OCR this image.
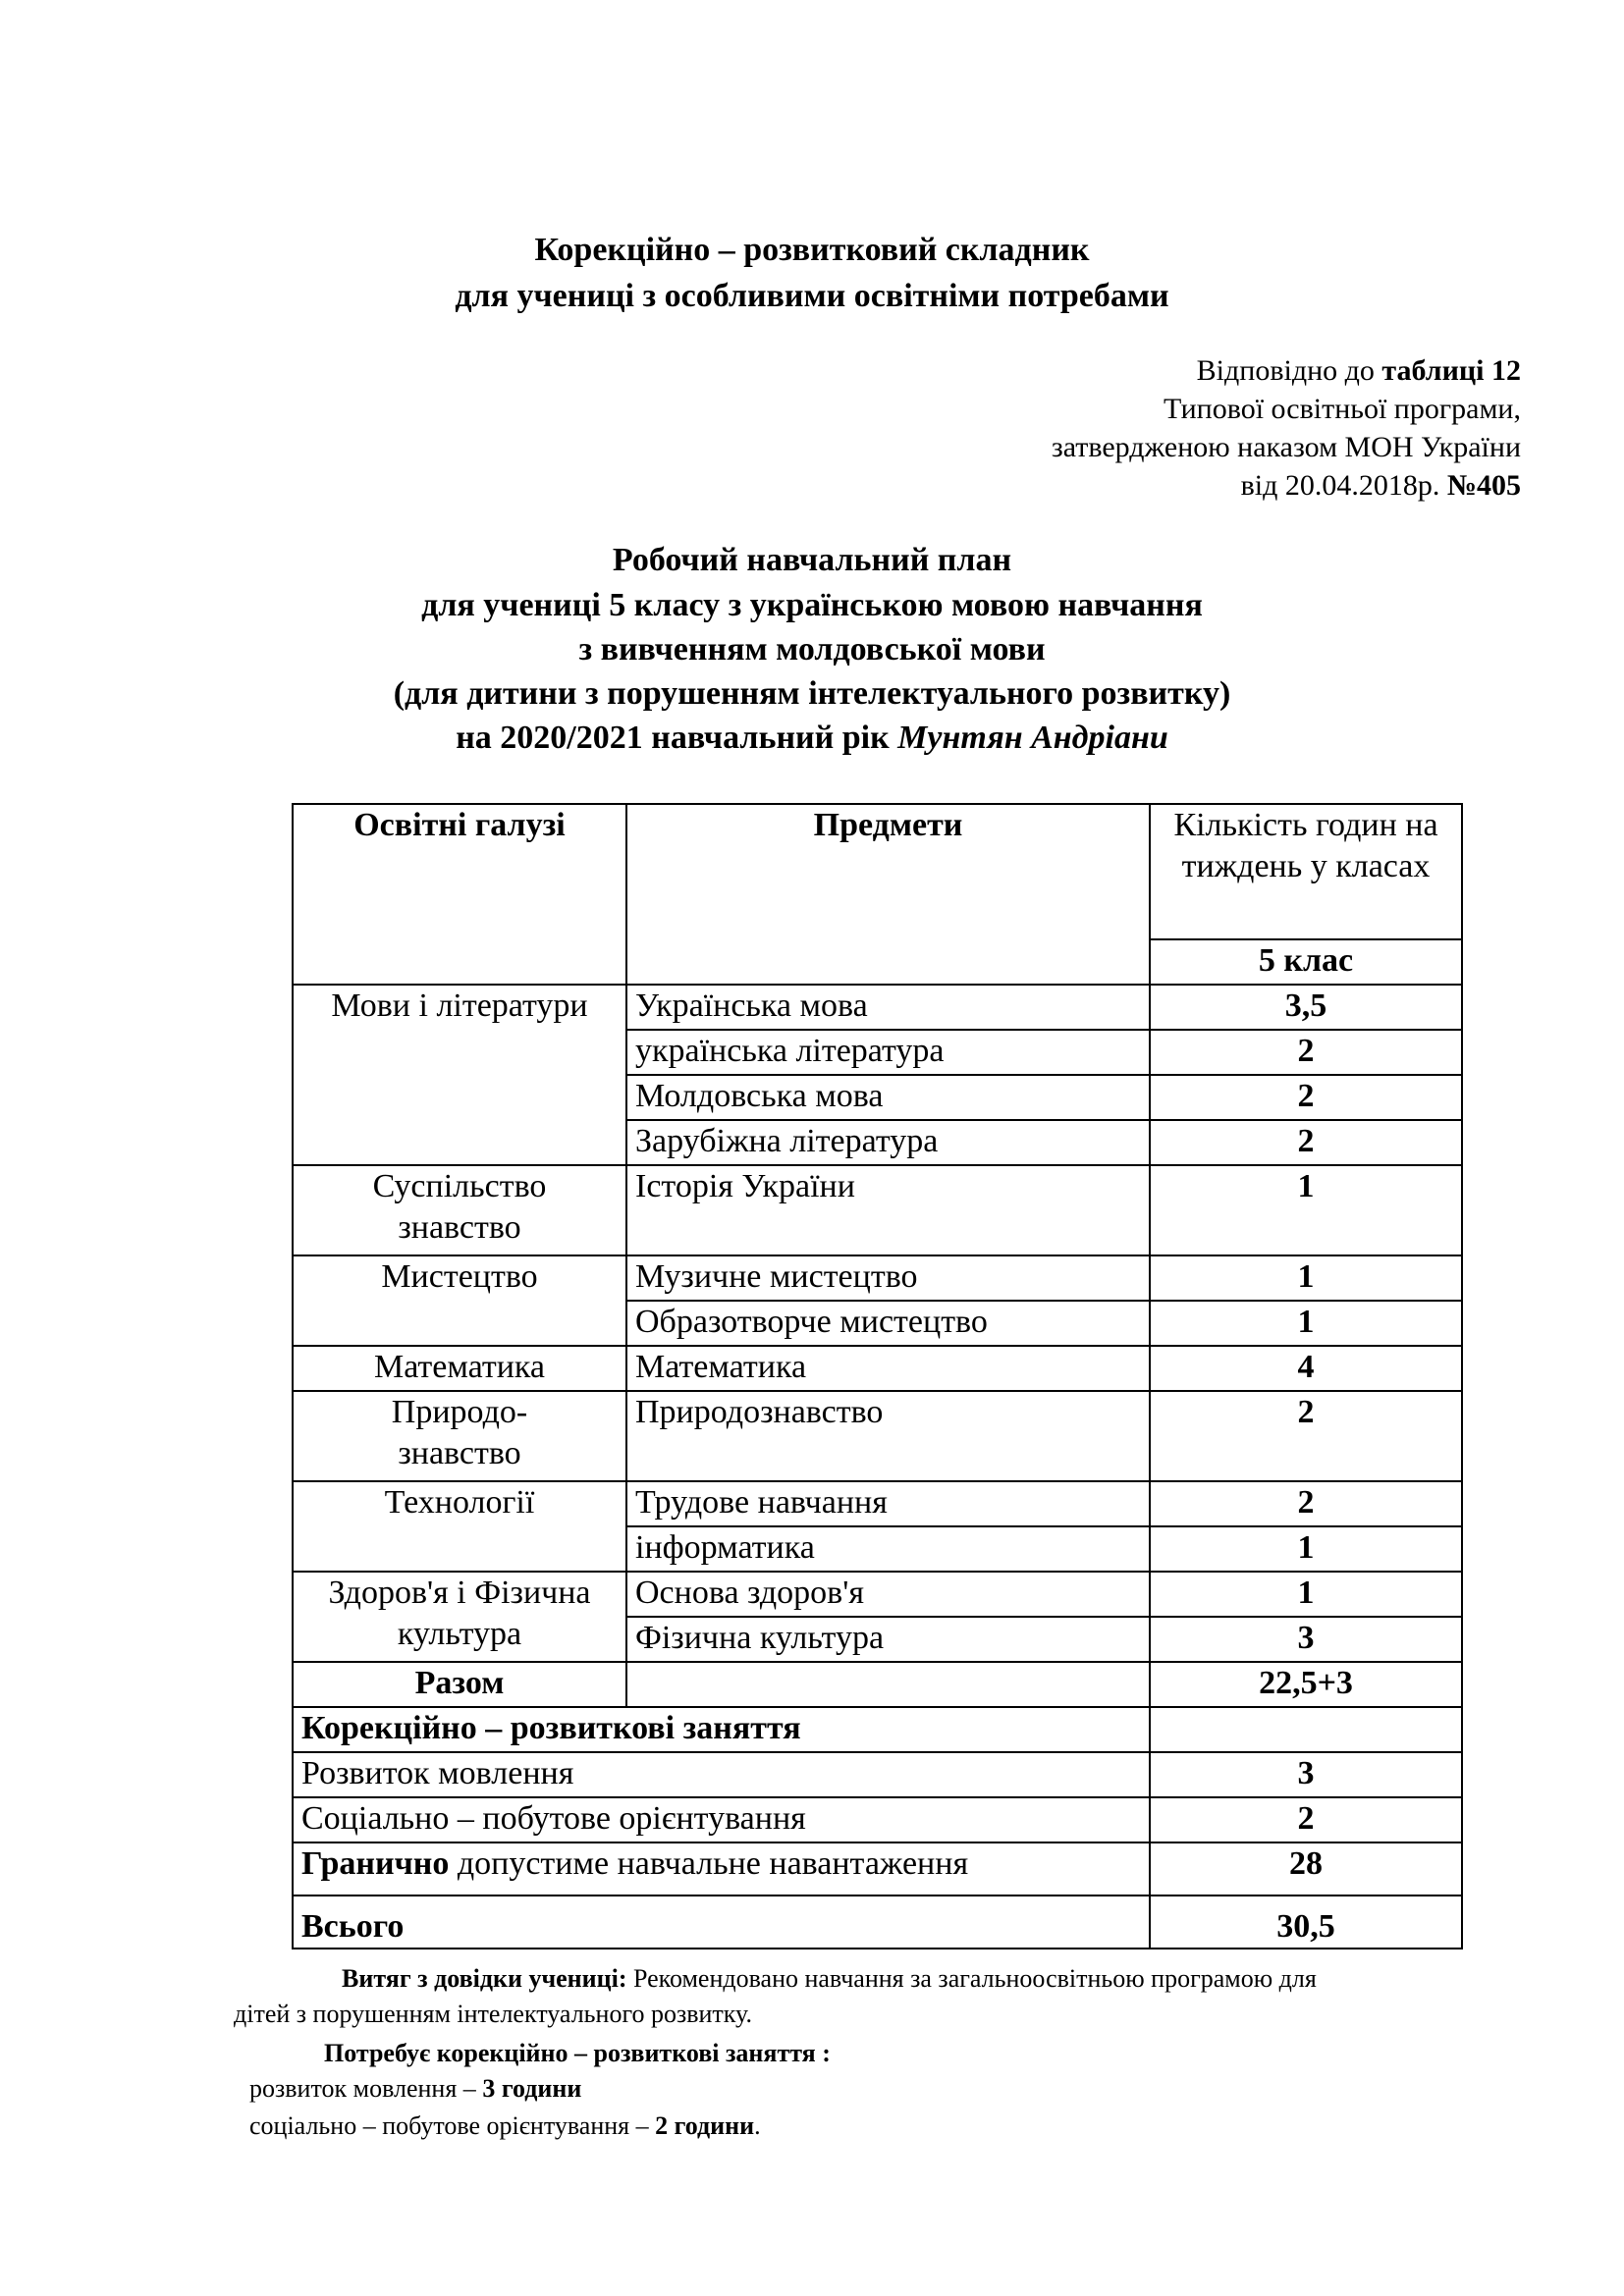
Корекційно – розвитковий складник
для учениці з особливими освітніми потребами
Відповідно до таблиці 12
Типової освітньої програми,
затвердженою наказом МОН України
від 20.04.2018р. №405
Робочий навчальний план
для учениці 5 класу з українською мовою навчання
з вивченням молдовської мови
(для дитини з порушенням інтелектуального розвитку)
на 2020/2021 навчальний рік Мунтян Андріани
Освітні галузі	Предмети	Кількість годин на тиждень у класах
		5 клас
Мови і літератури	Українська мова	3,5
	українська література	2
	Молдовська мова	2
	Зарубіжна література	2
Суспільство знавство	Історія України	1
Мистецтво	Музичне мистецтво	1
	Образотворче мистецтво	1
Математика	Математика	4
Природо-знавство	Природознавство	2
Технології	Трудове навчання	2
	інформатика	1
Здоров'я і Фізична культура	Основа здоров'я	1
	Фізична культура	3
Разом		22,5+3
Корекційно – розвиткові заняття		
Розвиток мовлення		3
Соціально – побутове орієнтування		2
Гранично допустиме навчальне навантаження		28
Всього		30,5
Витяг з довідки учениці: Рекомендовано навчання за загальноосвітньою програмою для
дітей з порушенням інтелектуального розвитку.
Потребує корекційно – розвиткові заняття :
розвиток мовлення – 3 години
соціально – побутове орієнтування – 2 години.
